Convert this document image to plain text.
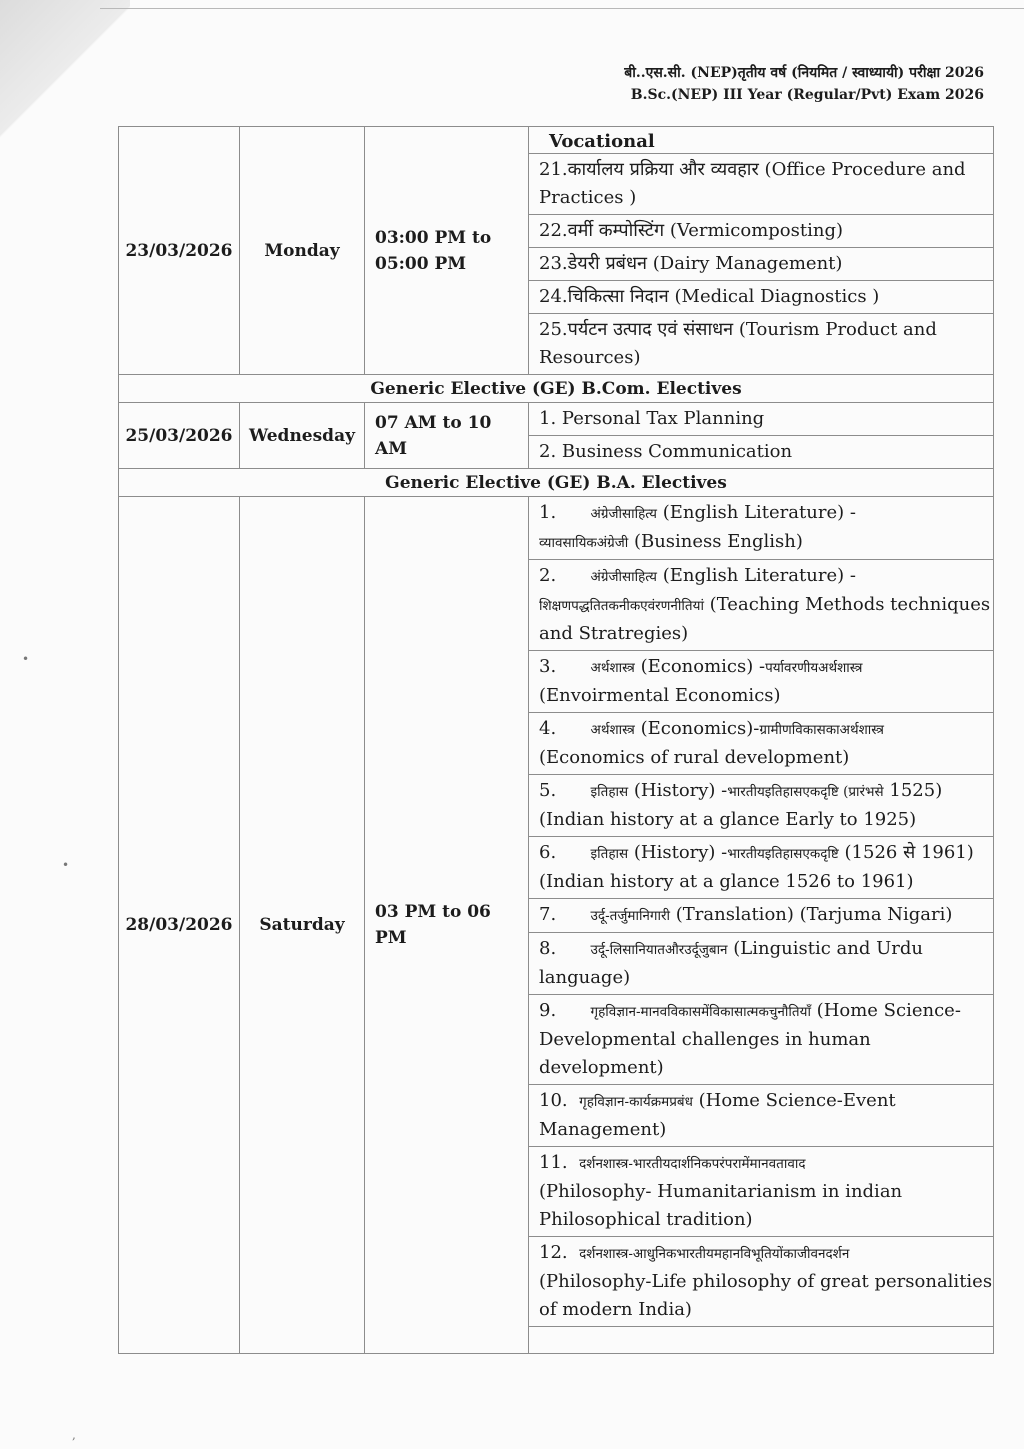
बी..एस.सी. (NEP)तृतीय वर्ष (नियमित / स्वाध्यायी) परीक्षा 2026
B.Sc.(NEP) III Year (Regular/Pvt) Exam 2026
23/03/2026	Monday	03:00 PM to 05:00 PM	Vocational
			21.कार्यालय प्रक्रिया और व्यवहार (Office Procedure and Practices )
			22.वर्मी कम्पोस्टिंग (Vermicomposting)
			23.डेयरी प्रबंधन (Dairy Management)
			24.चिकित्सा निदान (Medical Diagnostics )
			25.पर्यटन उत्पाद एवं संसाधन (Tourism Product and Resources)
Generic Elective (GE) B.Com. Electives			
25/03/2026	Wednesday	07 AM to 10 AM	1. Personal Tax Planning
			2. Business Communication
Generic Elective (GE) B.A. Electives			
28/03/2026	Saturday	03 PM to 06 PM	1. अंग्रेजीसाहित्य (English Literature) -
व्यावसायिकअंग्रेजी (Business English)
			2. अंग्रेजीसाहित्य (English Literature) -
शिक्षणपद्धतितकनीकएवंरणनीतियां (Teaching Methods techniques and Stratregies)
			3. अर्थशास्त्र (Economics) -पर्यावरणीयअर्थशास्त्र (Envoirmental Economics)
			4. अर्थशास्त्र (Economics)-ग्रामीणविकासकाअर्थशास्त्र (Economics of rural development)
			5. इतिहास (History) -भारतीयइतिहासएकदृष्टि (प्रारंभसे 1525) (Indian history at a glance Early to 1925)
			6. इतिहास (History) -भारतीयइतिहासएकदृष्टि (1526 से 1961) (Indian history at a glance 1526 to 1961)
			7. उर्दू-तर्जुमानिगारी (Translation) (Tarjuma Nigari)
			8. उर्दू-लिसानियातऔरउर्दूजुबान (Linguistic and Urdu language)
			9. गृहविज्ञान-मानवविकासमेंविकासात्मकचुनौतियाँ (Home Science-Developmental challenges in human development)
			10. गृहविज्ञान-कार्यक्रमप्रबंध (Home Science-Event Management)
			11. दर्शनशास्त्र-भारतीयदार्शनिकपरंपरामेंमानवतावाद
(Philosophy- Humanitarianism in indian Philosophical tradition)
			12. दर्शनशास्त्र-आधुनिकभारतीयमहानविभूतियोंकाजीवनदर्शन
(Philosophy-Life philosophy of great personalities of modern India)

•
•
,
